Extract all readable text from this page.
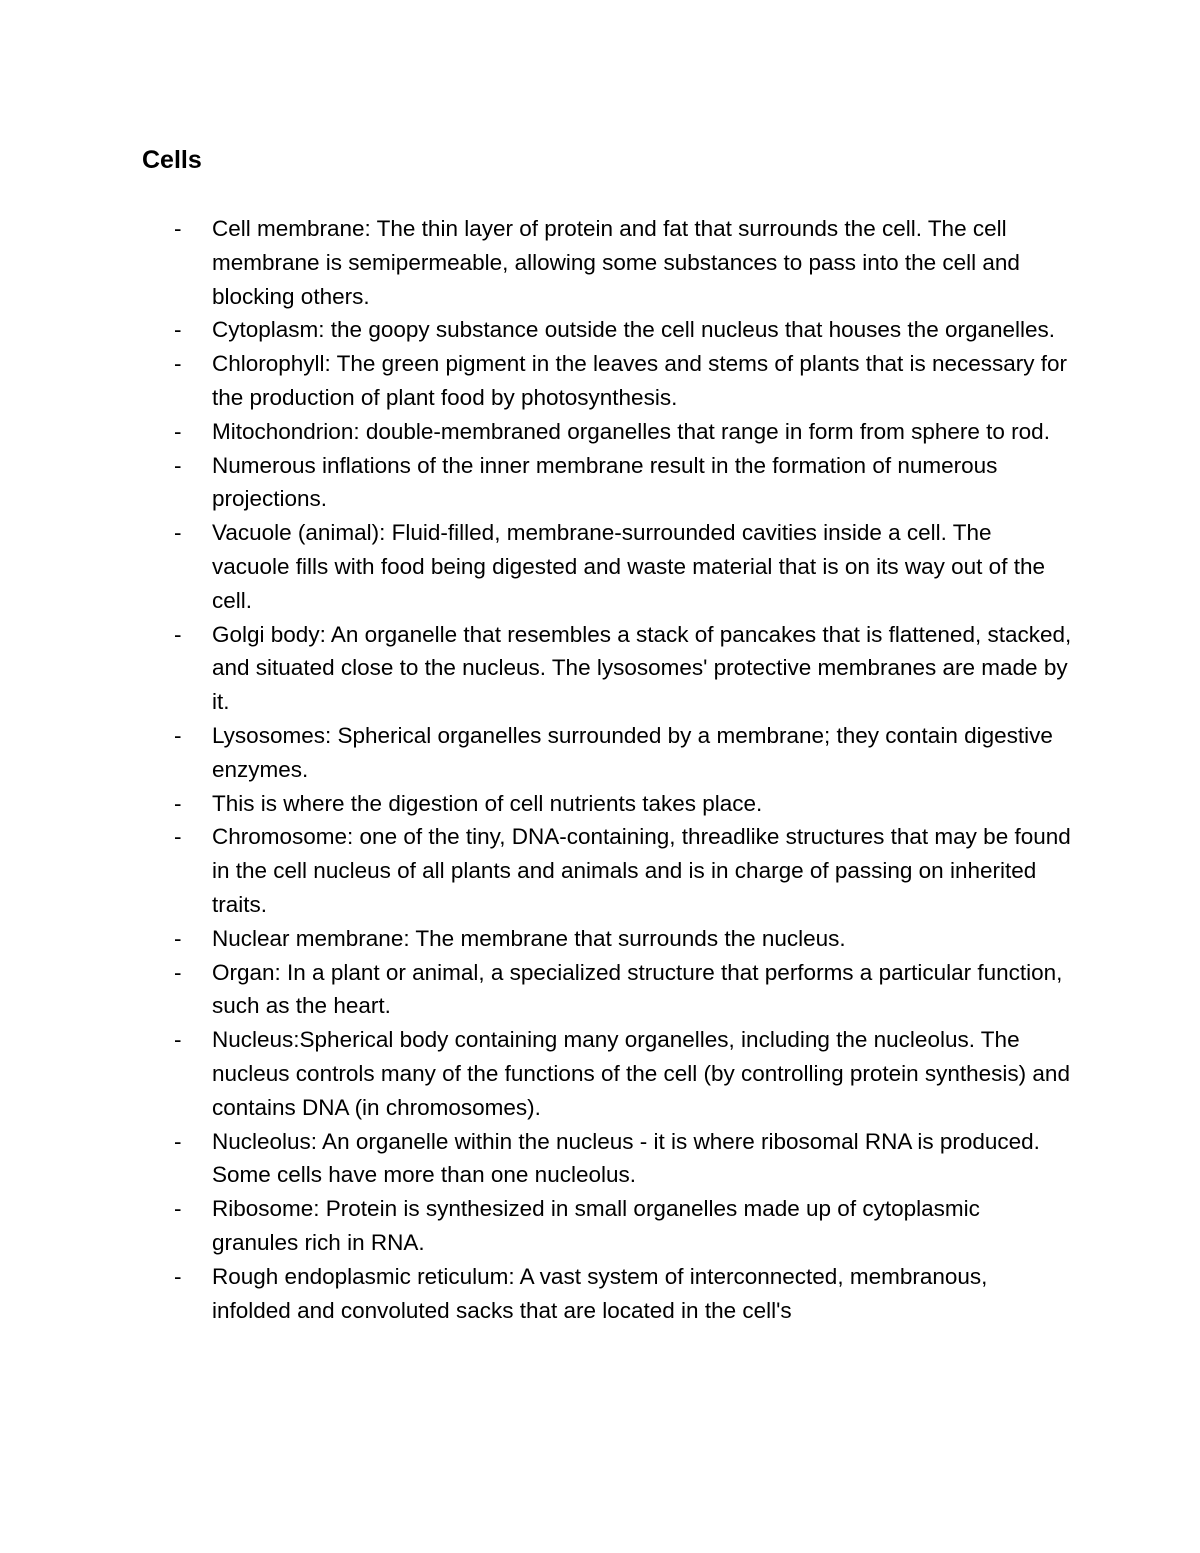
Cells
- Cell membrane: The thin layer of protein and fat that surrounds the cell. The cell membrane is semipermeable, allowing some substances to pass into the cell and blocking others.
- Cytoplasm: the goopy substance outside the cell nucleus that houses the organelles.
- Chlorophyll: The green pigment in the leaves and stems of plants that is necessary for the production of plant food by photosynthesis.
- Mitochondrion: double-membraned organelles that range in form from sphere to rod.
- Numerous inflations of the inner membrane result in the formation of numerous projections.
- Vacuole (animal): Fluid-filled, membrane-surrounded cavities inside a cell. The vacuole fills with food being digested and waste material that is on its way out of the cell.
- Golgi body: An organelle that resembles a stack of pancakes that is flattened, stacked, and situated close to the nucleus. The lysosomes' protective membranes are made by it.
- Lysosomes: Spherical organelles surrounded by a membrane; they contain digestive enzymes.
- This is where the digestion of cell nutrients takes place.
- Chromosome: one of the tiny, DNA-containing, threadlike structures that may be found in the cell nucleus of all plants and animals and is in charge of passing on inherited traits.
- Nuclear membrane: The membrane that surrounds the nucleus.
- Organ: In a plant or animal, a specialized structure that performs a particular function, such as the heart.
- Nucleus:Spherical body containing many organelles, including the nucleolus. The nucleus controls many of the functions of the cell (by controlling protein synthesis) and contains DNA (in chromosomes).
- Nucleolus: An organelle within the nucleus - it is where ribosomal RNA is produced. Some cells have more than one nucleolus.
- Ribosome: Protein is synthesized in small organelles made up of cytoplasmic granules rich in RNA.
- Rough endoplasmic reticulum: A vast system of interconnected, membranous, infolded and convoluted sacks that are located in the cell's
